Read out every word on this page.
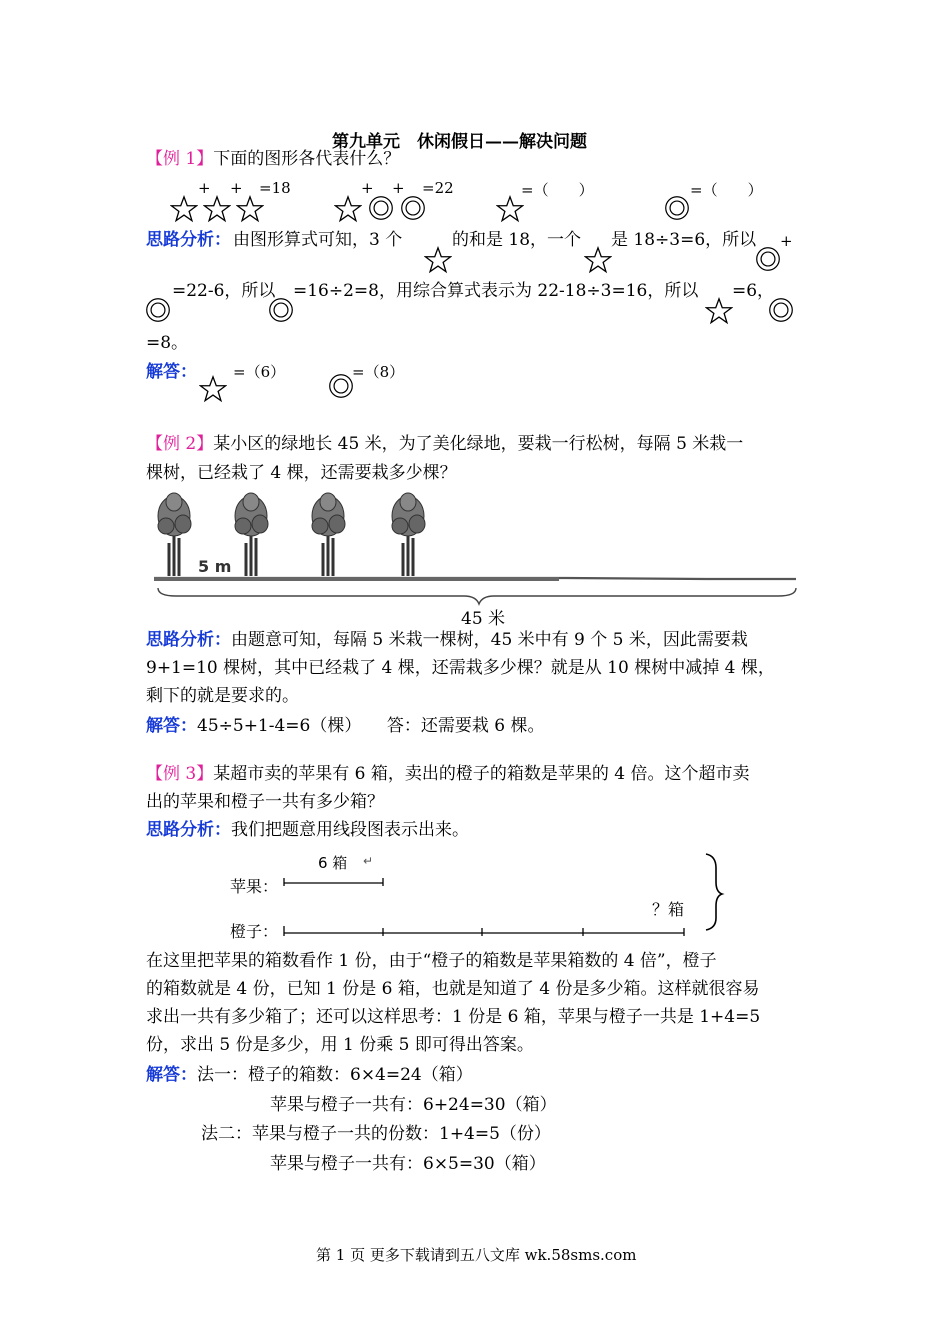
第九单元　休闲假日——解决问题
【例 1】下面的图形各代表什么？
+ + =18	+ + =22	=（　　）	=（　　）
思路分析： 由图形算式可知，3 个	的和是 18，一个 是 18÷3=6，所以 +
=22-6，所以 =16÷2=8，用综合算式表示为 22-18÷3=16，所以 =6，
=8。
解答： =（6）	=（8）
【例 2】某小区的绿地长 45 米，为了美化绿地，要栽一行松树，每隔 5 米栽一
棵树，已经栽了 4 棵，还需要栽多少棵？
5 m
45 米
思路分析：由题意可知，每隔 5 米栽一棵树，45 米中有 9 个 5 米，因此需要栽
9+1=10 棵树，其中已经栽了 4 棵，还需栽多少棵？就是从 10 棵树中减掉 4 棵，
剩下的就是要求的。
解答：45÷5+1-4=6（棵）　　答：还需要栽 6 棵。
【例 3】某超市卖的苹果有 6 箱，卖出的橙子的箱数是苹果的 4 倍。这个超市卖
出的苹果和橙子一共有多少箱？
思路分析：我们把题意用线段图表示出来。
6 箱 ↵
苹果：
橙子：
？箱
在这里把苹果的箱数看作 1 份，由于“橙子的箱数是苹果箱数的 4 倍”，橙子
的箱数就是 4 份，已知 1 份是 6 箱，也就是知道了 4 份是多少箱。这样就很容易
求出一共有多少箱了；还可以这样思考：1 份是 6 箱，苹果与橙子一共是 1+4=5
份，求出 5 份是多少，用 1 份乘 5 即可得出答案。
解答：法一：橙子的箱数：6×4=24（箱）
苹果与橙子一共有：6+24=30（箱）
法二：苹果与橙子一共的份数：1+4=5（份）
苹果与橙子一共有：6×5=30（箱）
第 1 页 更多下载请到五八文库 wk.58sms.com
